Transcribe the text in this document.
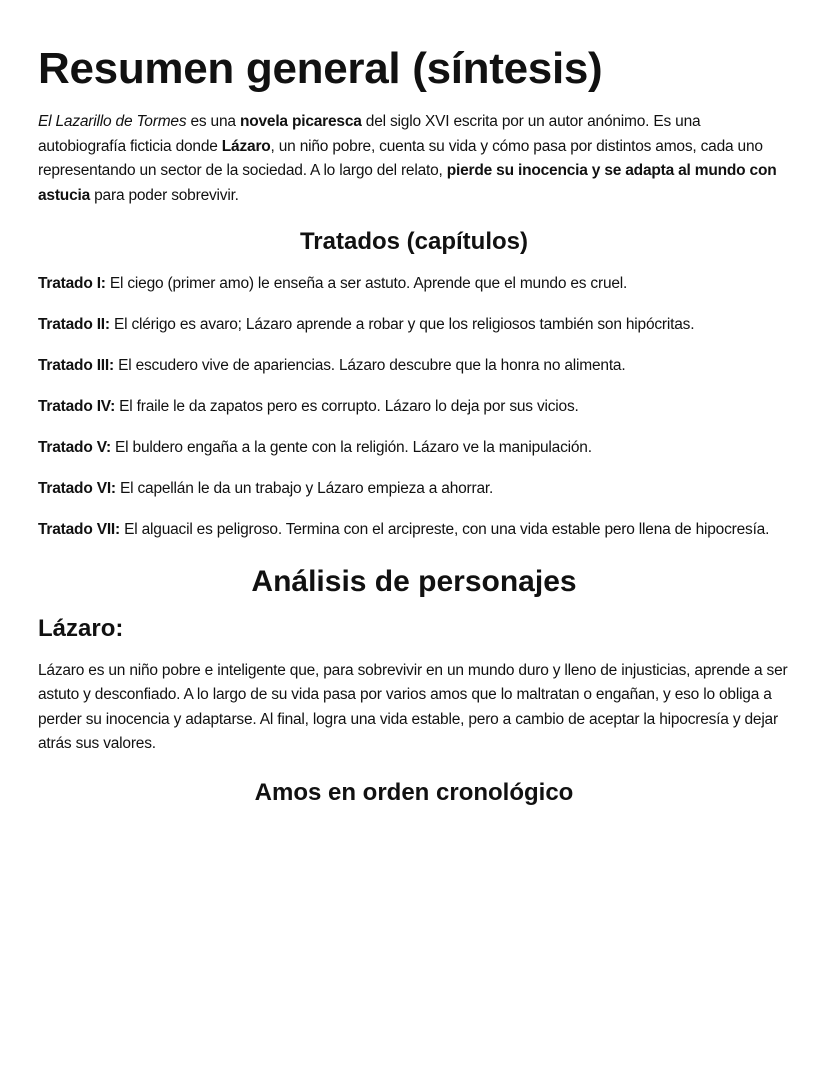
Resumen general (síntesis)

El Lazarillo de Tormes es una novela picaresca del siglo XVI escrita por un autor anónimo. Es una autobiografía ficticia donde Lázaro, un niño pobre, cuenta su vida y cómo pasa por distintos amos, cada uno representando un sector de la sociedad. A lo largo del relato, pierde su inocencia y se adapta al mundo con astucia para poder sobrevivir.

Tratados (capítulos)

Tratado I: El ciego (primer amo) le enseña a ser astuto. Aprende que el mundo es cruel.

Tratado II: El clérigo es avaro; Lázaro aprende a robar y que los religiosos también son hipócritas.

Tratado III: El escudero vive de apariencias. Lázaro descubre que la honra no alimenta.

Tratado IV: El fraile le da zapatos pero es corrupto. Lázaro lo deja por sus vicios.

Tratado V: El buldero engaña a la gente con la religión. Lázaro ve la manipulación.

Tratado VI: El capellán le da un trabajo y Lázaro empieza a ahorrar.

Tratado VII: El alguacil es peligroso. Termina con el arcipreste, con una vida estable pero llena de hipocresía.

Análisis de personajes
Lázaro:

Lázaro es un niño pobre e inteligente que, para sobrevivir en un mundo duro y lleno de injusticias, aprende a ser astuto y desconfiado. A lo largo de su vida pasa por varios amos que lo maltratan o engañan, y eso lo obliga a perder su inocencia y adaptarse. Al final, logra una vida estable, pero a cambio de aceptar la hipocresía y dejar atrás sus valores.

Amos en orden cronológico
